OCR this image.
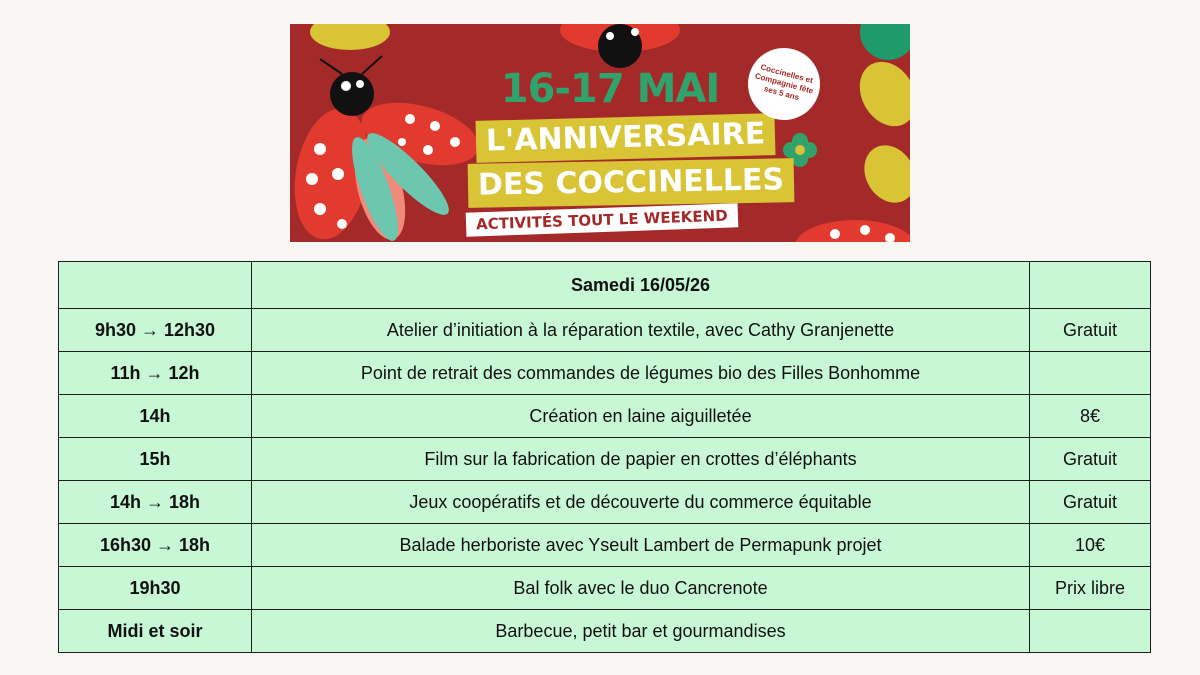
16-17 MAI
L'ANNIVERSAIRE
DES COCCINELLES
ACTIVITÉS TOUT LE WEEKEND
Coccinelles et Compagnie fête ses 5 ans
	Samedi 16/05/26	
9h30 → 12h30	Atelier d’initiation à la réparation textile, avec Cathy Granjenette	Gratuit
11h → 12h	Point de retrait des commandes de légumes bio des Filles Bonhomme	
14h	Création en laine aiguilletée	8€
15h	Film sur la fabrication de papier en crottes d’éléphants	Gratuit
14h → 18h	Jeux coopératifs et de découverte du commerce équitable	Gratuit
16h30 → 18h	Balade herboriste avec Yseult Lambert de Permapunk projet	10€
19h30	Bal folk avec le duo Cancrenote	Prix libre
Midi et soir	Barbecue, petit bar et gourmandises	
